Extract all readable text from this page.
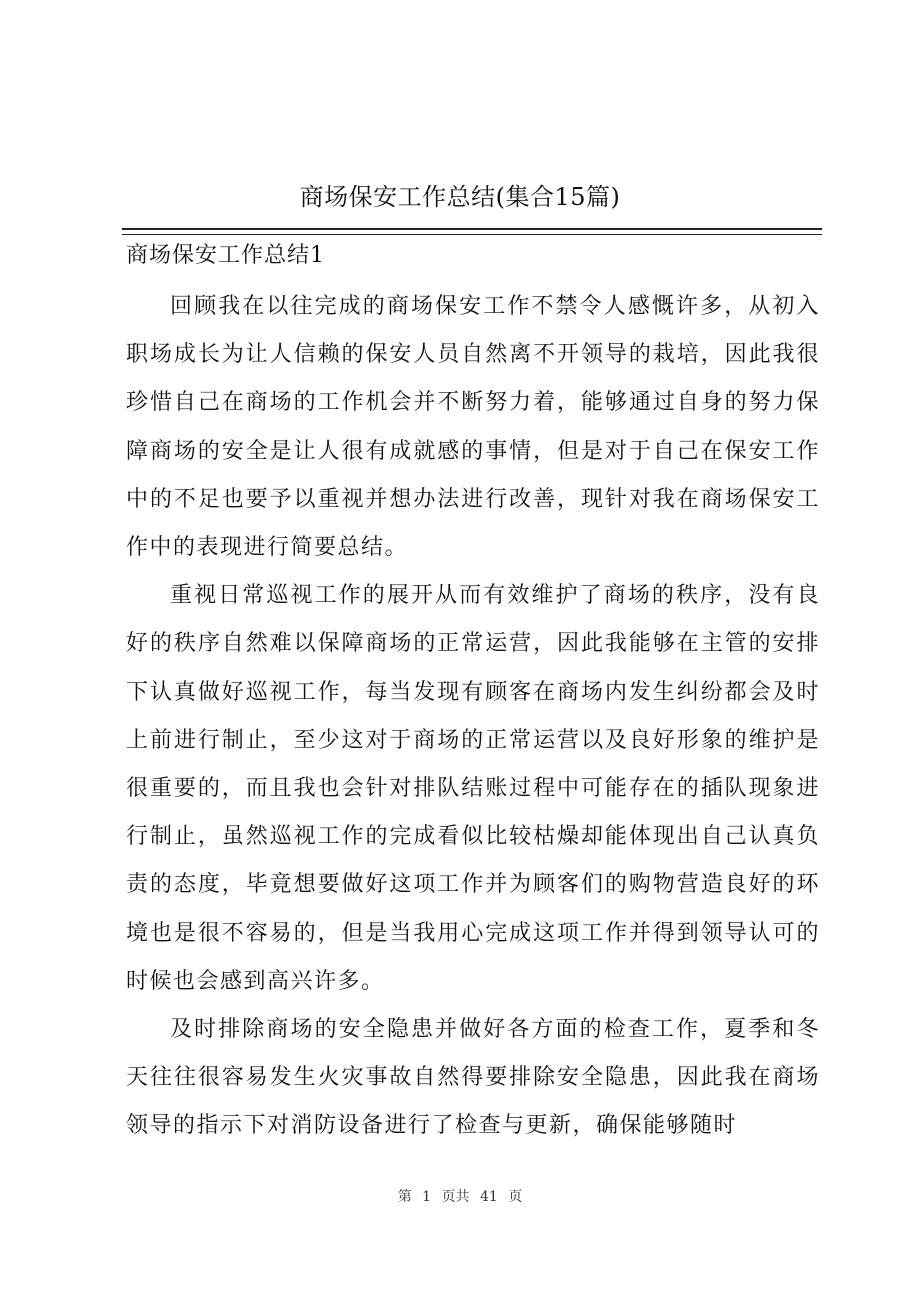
商场保安工作总结(集合15篇)
商场保安工作总结1

回顾我在以往完成的商场保安工作不禁令人感慨许多，从初入职场成长为让人信赖的保安人员自然离不开领导的栽培，因此我很珍惜自己在商场的工作机会并不断努力着，能够通过自身的努力保障商场的安全是让人很有成就感的事情，但是对于自己在保安工作中的不足也要予以重视并想办法进行改善，现针对我在商场保安工作中的表现进行简要总结。

重视日常巡视工作的展开从而有效维护了商场的秩序，没有良好的秩序自然难以保障商场的正常运营，因此我能够在主管的安排下认真做好巡视工作，每当发现有顾客在商场内发生纠纷都会及时上前进行制止，至少这对于商场的正常运营以及良好形象的维护是很重要的，而且我也会针对排队结账过程中可能存在的插队现象进行制止，虽然巡视工作的完成看似比较枯燥却能体现出自己认真负责的态度，毕竟想要做好这项工作并为顾客们的购物营造良好的环境也是很不容易的，但是当我用心完成这项工作并得到领导认可的时候也会感到高兴许多。

及时排除商场的安全隐患并做好各方面的检查工作，夏季和冬天往往很容易发生火灾事故自然得要排除安全隐患，因此我在商场领导的指示下对消防设备进行了检查与更新，确保能够随时

第 1 页共 41 页
